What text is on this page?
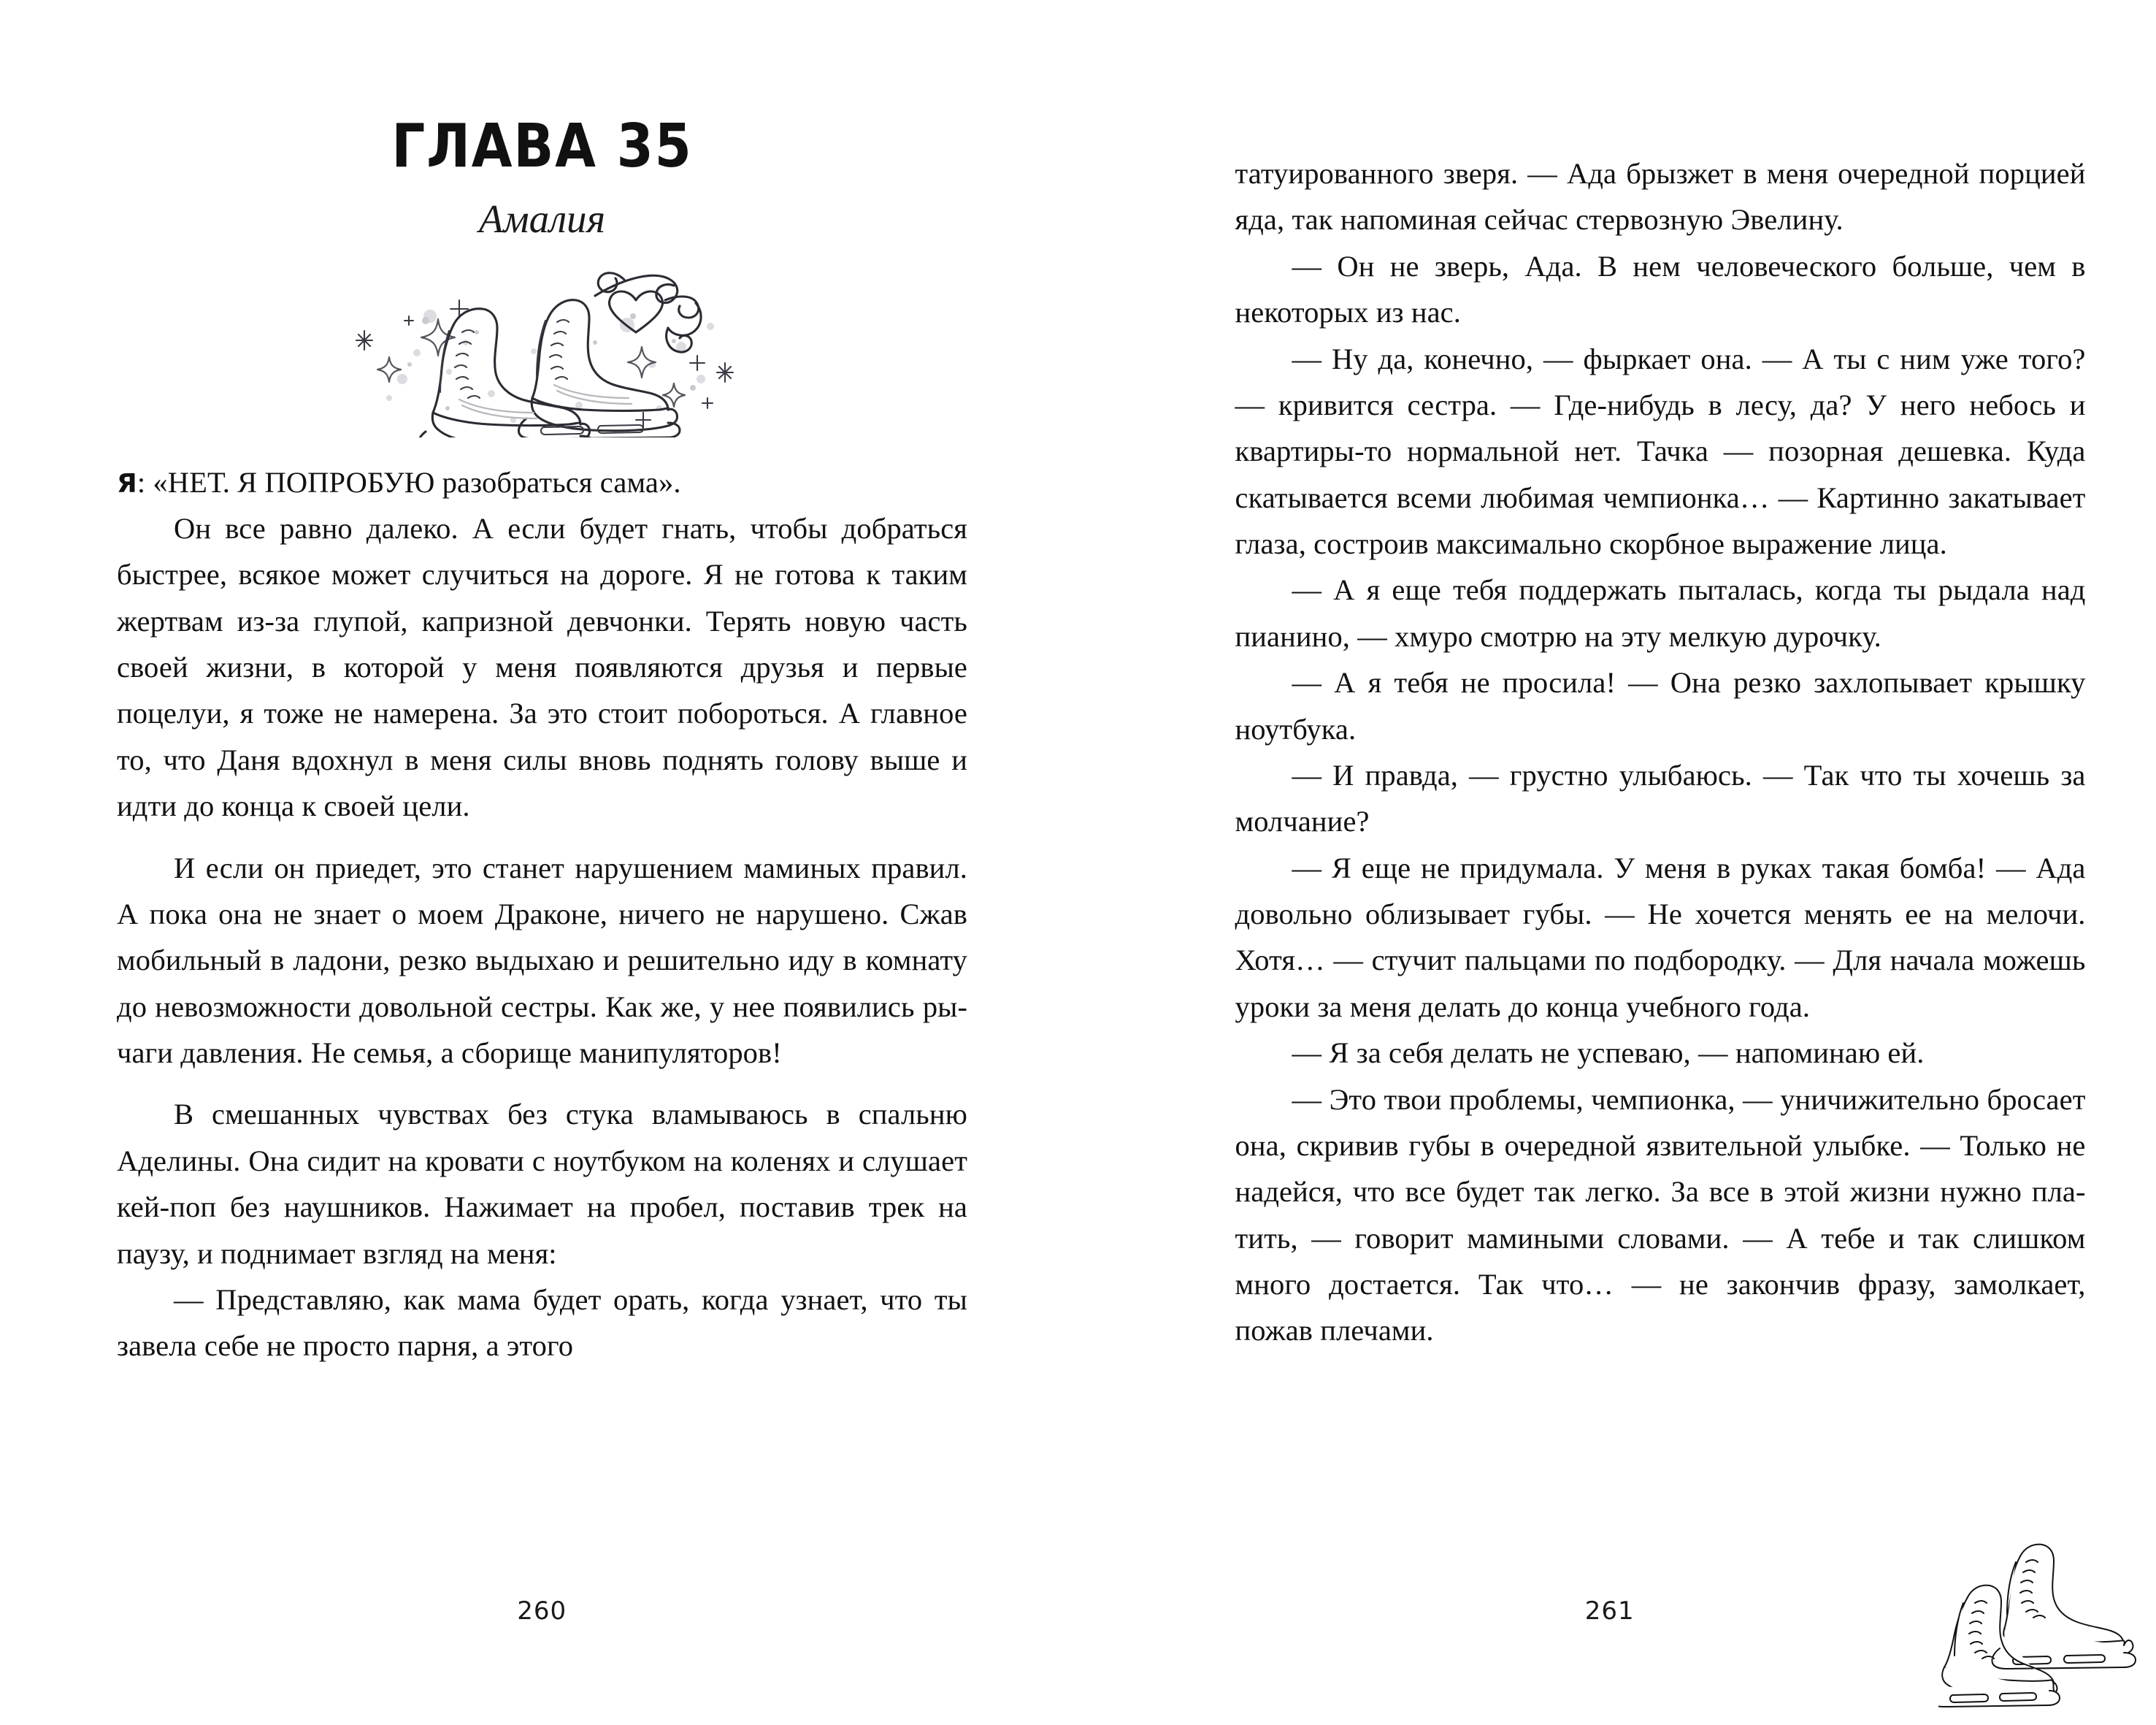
ГЛАВА 35
Амалия

Я: «НЕТ. Я ПОПРОБУЮ разобраться сама».

Он все равно далеко. А если будет гнать, чтобы добраться быстрее, всякое может случиться на дороге. Я не готова к таким жертвам из-за глупой, капризной девчонки. Терять новую часть своей жизни, в которой у меня появляются друзья и первые поцелуи, я тоже не намерена. За это стоит побороться. А главное то, что Даня вдохнул в меня силы вновь поднять голову выше и идти до конца к своей цели.

И если он приедет, это станет нарушением маминых правил. А пока она не знает о моем Драконе, ничего не нарушено. Сжав мобильный в ладони, резко выдыхаю и решительно иду в комнату до невозможности довольной сестры. Как же, у нее появились рычаги давления. Не семья, а сборище манипуляторов!

В смешанных чувствах без стука вламываюсь в спальню Аделины. Она сидит на кровати с ноутбуком на коленях и слушает кей-поп без наушников. Нажимает на пробел, поставив трек на паузу, и поднимает взгляд на меня:

— Представляю, как мама будет орать, когда узнает, что ты завела себе не просто парня, а этого

260

татуированного зверя. — Ада брызжет в меня очередной порцией яда, так напоминая сейчас стервозную Эвелину.

— Он не зверь, Ада. В нем человеческого больше, чем в некоторых из нас.

— Ну да, конечно, — фыркает она. — А ты с ним уже того? — кривится сестра. — Где-нибудь в лесу, да? У него небось и квартиры-то нормальной нет. Тачка — позорная дешевка. Куда скатывается всеми любимая чемпионка… — Картинно закатывает глаза, состроив максимально скорбное выражение лица.

— А я еще тебя поддержать пыталась, когда ты рыдала над пианино, — хмуро смотрю на эту мелкую дурочку.

— А я тебя не просила! — Она резко захлопывает крышку ноутбука.

— И правда, — грустно улыбаюсь. — Так что ты хочешь за молчание?

— Я еще не придумала. У меня в руках такая бомба! — Ада довольно облизывает губы. — Не хочется менять ее на мелочи. Хотя… — стучит пальцами по подбородку. — Для начала можешь уроки за меня делать до конца учебного года.

— Я за себя делать не успеваю, — напоминаю ей.

— Это твои проблемы, чемпионка, — уничижительно бросает она, скривив губы в очередной язвительной улыбке. — Только не надейся, что все будет так легко. За все в этой жизни нужно платить, — говорит мамиными словами. — А тебе и так слишком много достается. Так что… — не закончив фразу, замолкает, пожав плечами.

261
